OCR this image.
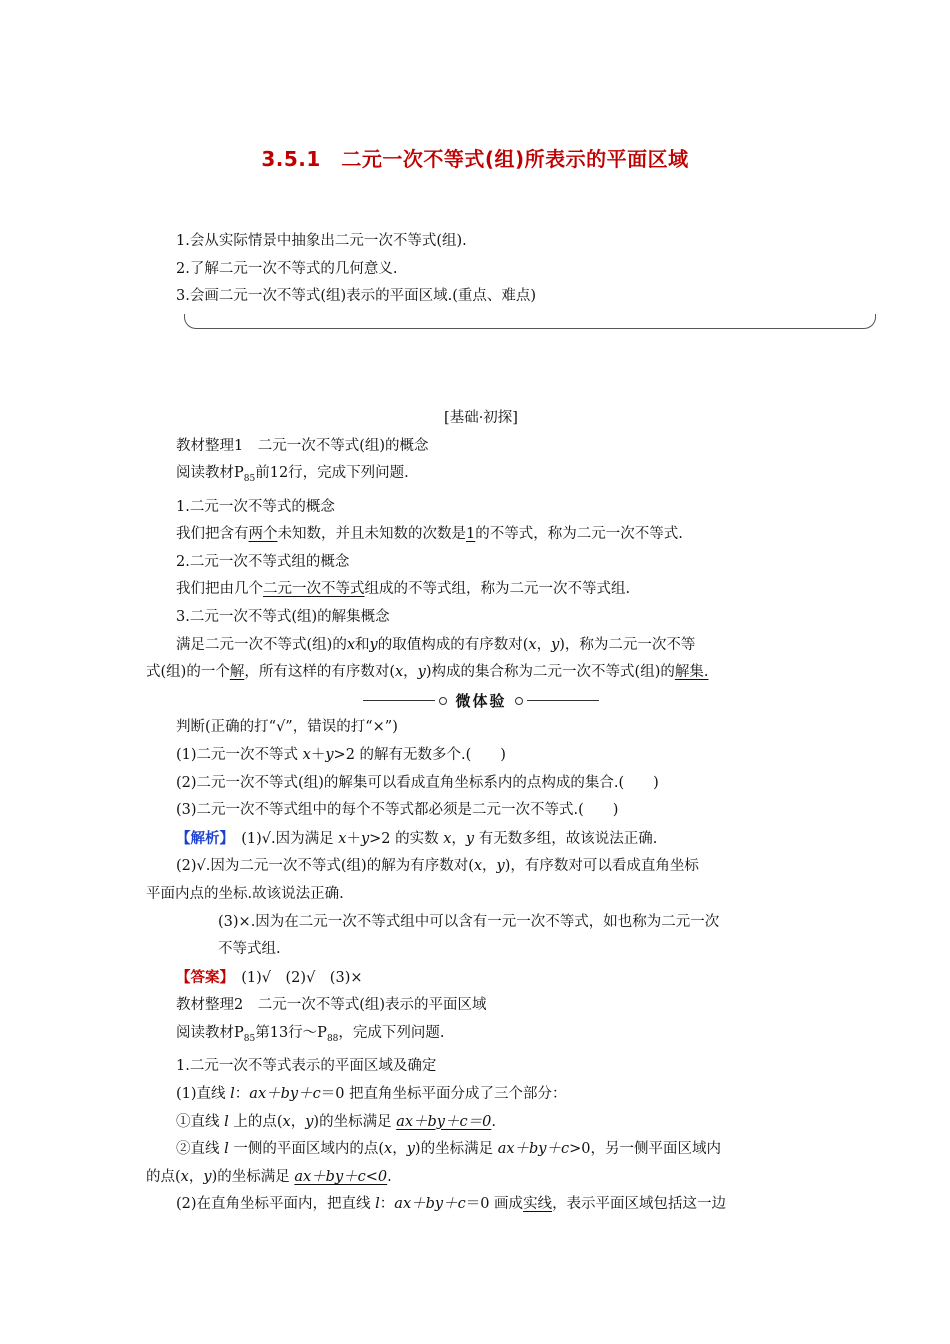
3.5.1　二元一次不等式(组)所表示的平面区域
1.会从实际情景中抽象出二元一次不等式(组).
2.了解二元一次不等式的几何意义.
3.会画二元一次不等式(组)表示的平面区域.(重点、难点)
[基础·初探]
教材整理1　二元一次不等式(组)的概念
阅读教材$P_{85}$前12行，完成下列问题.
1.二元一次不等式的概念
我们把含有两个未知数，并且未知数的次数是1的不等式，称为二元一次不等式.
2.二元一次不等式组的概念
我们把由几个二元一次不等式组成的不等式组，称为二元一次不等式组.
3.二元一次不等式(组)的解集概念
满足二元一次不等式(组)的x和y的取值构成的有序数对(x，y)，称为二元一次不等
式(组)的一个解，所有这样的有序数对(x，y)构成的集合称为二元一次不等式(组)的解集.
微体验
判断(正确的打“√”，错误的打“×”)
(1)二元一次不等式 x＋y>2 的解有无数多个.(　　)
(2)二元一次不等式(组)的解集可以看成直角坐标系内的点构成的集合.(　　)
(3)二元一次不等式组中的每个不等式都必须是二元一次不等式.(　　)
【解析】　(1)√.因为满足 x＋y>2 的实数 x，y 有无数多组，故该说法正确.
(2)√.因为二元一次不等式(组)的解为有序数对(x，y)，有序数对可以看成直角坐标
平面内点的坐标.故该说法正确.
(3)×.因为在二元一次不等式组中可以含有一元一次不等式，如也称为二元一次
不等式组.
【答案】　(1)√　(2)√　(3)×
教材整理2　二元一次不等式(组)表示的平面区域
阅读教材$P_{85}$第13行$\sim P_{88}$，完成下列问题.
1.二元一次不等式表示的平面区域及确定
(1)直线 l：ax＋by＋c＝0 把直角坐标平面分成了三个部分：
①直线 l 上的点(x，y)的坐标满足 ax＋by＋c＝0.
②直线 l 一侧的平面区域内的点(x，y)的坐标满足 ax＋by＋c>0，另一侧平面区域内
的点(x，y)的坐标满足 ax＋by＋c<0.
(2)在直角坐标平面内，把直线 l：ax＋by＋c＝0 画成实线，表示平面区域包括这一边
